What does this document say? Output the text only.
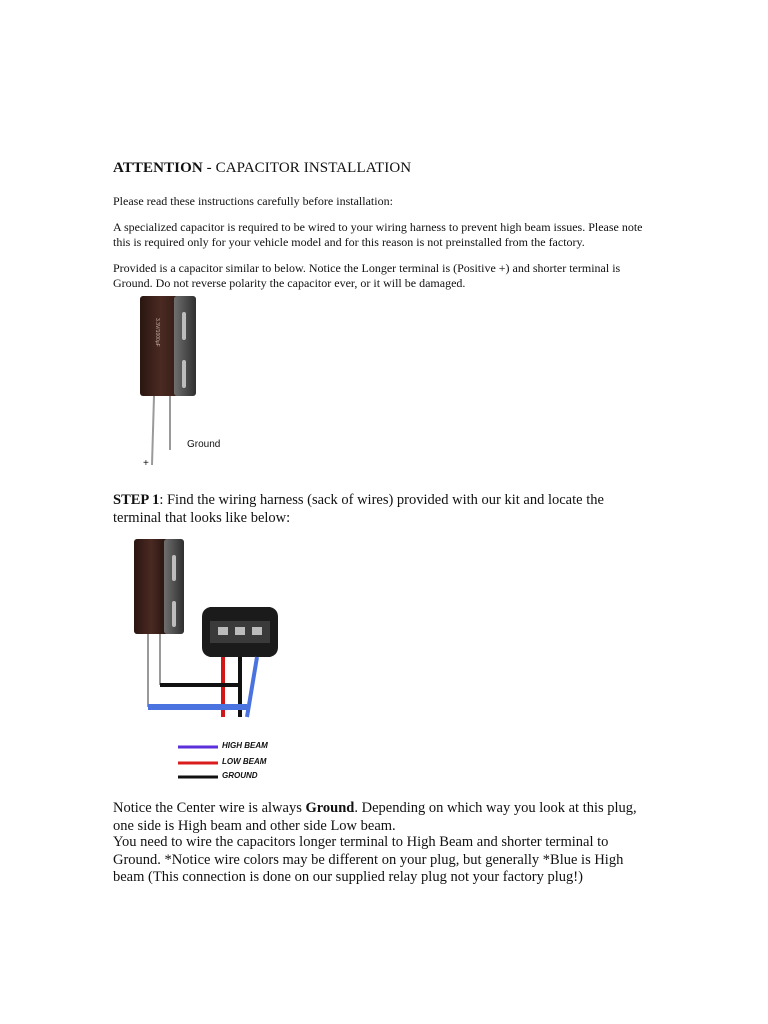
ATTENTION - CAPACITOR INSTALLATION
Please read these instructions carefully before installation:
A specialized capacitor is required to be wired to your wiring harness to prevent high beam issues. Please note this is required only for your vehicle model and for this reason is not preinstalled from the factory.
Provided is a capacitor similar to below. Notice the Longer terminal is (Positive +) and shorter terminal is Ground. Do not reverse polarity the capacitor ever, or it will be damaged.
3.3V/1000µF
Ground
+
STEP 1: Find the wiring harness (sack of wires) provided with our kit and locate the terminal that looks like below:
HIGH BEAM
LOW BEAM
GROUND
Notice the Center wire is always Ground. Depending on which way you look at this plug, one side is High beam and other side Low beam.
You need to wire the capacitors longer terminal to High Beam and shorter terminal to Ground. *Notice wire colors may be different on your plug, but generally *Blue is High beam (This connection is done on our supplied relay plug not your factory plug!)
